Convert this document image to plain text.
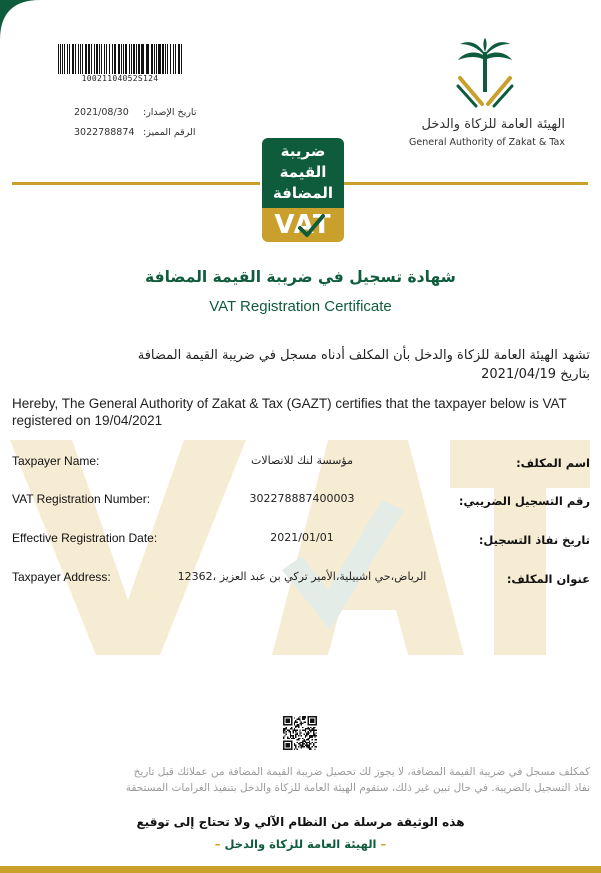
10021104052S124
2021/08/30
3022788874
تاريخ الإصدار:
الرقم المميز:
الهيئة العامة للزكاة والدخل
General Authority of Zakat & Tax
ضريبة
القيمة
المضافة
VAT
شهادة تسجيل في ضريبة القيمة المضافة
VAT Registration Certificate
تشهد الهيئة العامة للزكاة والدخل بأن المكلف أدناه مسجل في ضريبة القيمة المضافة
بتاريخ 2021/04/19
Hereby, The General Authority of Zakat & Tax (GAZT) certifies that the taxpayer below is VAT registered on 19/04/2021
Taxpayer Name:	مؤسسة لنك للاتصالات	اسم المكلف:
VAT Registration Number:	302278887400003	رقم التسجيل الضريبي:
Effective Registration Date:	2021/01/01	تاريخ نفاذ التسجيل:
Taxpayer Address:	الرياض،حي اشبيلية،الأمير تركي بن عبد العزيز ،12362	عنوان المكلف:
كمكلف مسجل في ضريبة القيمة المضافة، لا يجوز لك تحصيل ضريبة القيمة المضافة من عملائك قبل تاريخ
نفاذ التسجيل بالضريبة. في حال تبين غير ذلك، ستقوم الهيئة العامة للزكاة والدخل بتنفيذ الغرامات المستحقة
هذه الوثيقة مرسلة من النظام الآلي ولا تحتاج إلى توقيع
– الهيئة العامة للزكاة والدخل –
